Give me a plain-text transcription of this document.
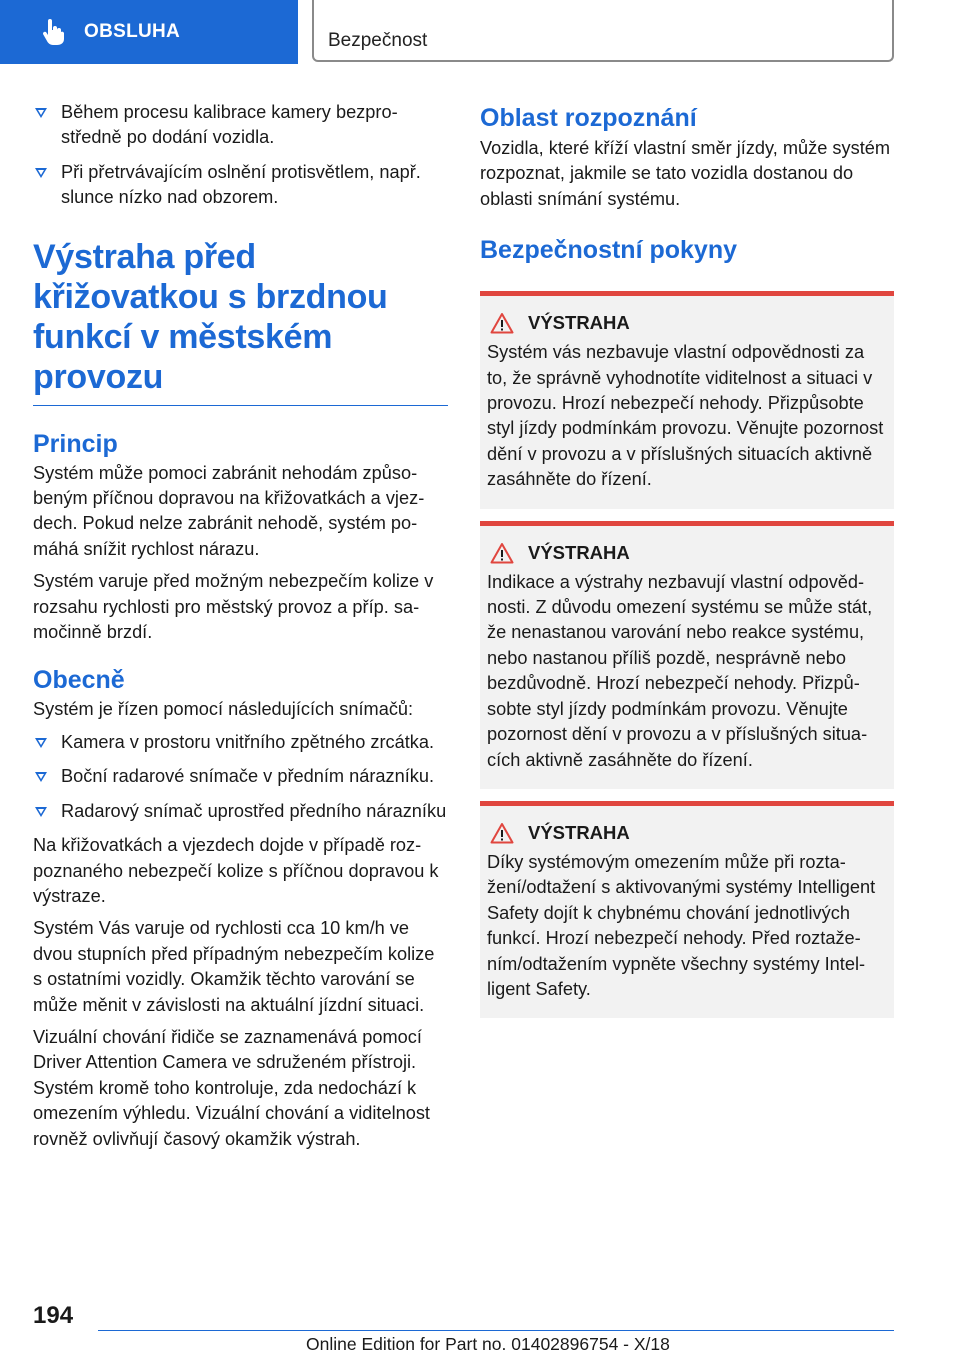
OBSLUHA	Bezpečnost
Během procesu kalibrace kamery bezprostředně po dodání vozidla.
Při přetrvávajícím oslnění protisvětlem, např. slunce nízko nad obzorem.
Výstraha před křižovatkou s brzdnou funkcí v městském provozu
Princip

Systém může pomoci zabránit nehodám způsobeným příčnou dopravou na křižovatkách a vjezdech. Pokud nelze zabránit nehodě, systém pomáhá snížit rychlost nárazu.

Systém varuje před možným nebezpečím kolize v rozsahu rychlosti pro městský provoz a příp. samočinně brzdí.

Obecně

Systém je řízen pomocí následujících snímačů:

Kamera v prostoru vnitřního zpětného zrcátka.
Boční radarové snímače v předním nárazníku.
Radarový snímač uprostřed předního nárazníku

Na křižovatkách a vjezdech dojde v případě rozpoznaného nebezpečí kolize s příčnou dopravou k výstraze.

Systém Vás varuje od rychlosti cca 10 km/h ve dvou stupních před případným nebezpečím kolize s ostatními vozidly. Okamžik těchto varování se může měnit v závislosti na aktuální jízdní situaci.

Vizuální chování řidiče se zaznamenává pomocí Driver Attention Camera ve sdruženém přístroji. Systém kromě toho kontroluje, zda nedochází k omezením výhledu. Vizuální chování a viditelnost rovněž ovlivňují časový okamžik výstrah.

Oblast rozpoznání

Vozidla, které kříží vlastní směr jízdy, může systém rozpoznat, jakmile se tato vozidla dostanou do oblasti snímání systému.

Bezpečnostní pokyny
VÝSTRAHA

Systém vás nezbavuje vlastní odpovědnosti za to, že správně vyhodnotíte viditelnost a situaci v provozu. Hrozí nebezpečí nehody. Přizpůsobte styl jízdy podmínkám provozu. Věnujte pozornost dění v provozu a v příslušných situacích aktivně zasáhněte do řízení.

VÝSTRAHA

Indikace a výstrahy nezbavují vlastní odpovědnosti. Z důvodu omezení systému se může stát, že nenastanou varování nebo reakce systému, nebo nastanou příliš pozdě, nesprávně nebo bezdůvodně. Hrozí nebezpečí nehody. Přizpůsobte styl jízdy podmínkám provozu. Věnujte pozornost dění v provozu a v příslušných situacích aktivně zasáhněte do řízení.

VÝSTRAHA

Díky systémovým omezením může při roztažení/odtažení s aktivovanými systémy Intelligent Safety dojít k chybnému chování jednotlivých funkcí. Hrozí nebezpečí nehody. Před roztažením/odtažením vypněte všechny systémy Intelligent Safety.

194
Online Edition for Part no. 01402896754 - X/18
